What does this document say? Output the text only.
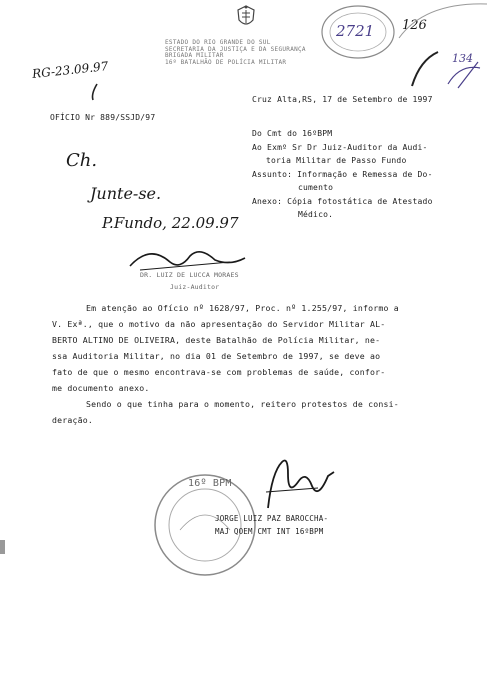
ESTADO DO RIO GRANDE DO SUL
SECRETARIA DA JUSTIÇA E DA SEGURANÇA
BRIGADA MILITAR
16º BATALHÃO DE POLÍCIA MILITAR
2721 126
134
RG-23.09.97
OFÍCIO Nr 889/SSJD/97
Cruz Alta,RS, 17 de Setembro de 1997
Do Cmt do 16ºBPM
Ao Exmº Sr Dr Juiz-Auditor da Audi-
toria Militar de Passo Fundo
Assunto: Informação e Remessa de Do-
cumento
Anexo: Cópia fotostática de Atestado
Médico.
Ch.
Junte-se.
P.Fundo, 22.09.97
DR. LUIZ DE LUCCA MORAES
Juiz-Auditor
Em atenção ao Ofício nº 1628/97, Proc. nº 1.255/97, informo a
V. Exª., que o motivo da não apresentação do Servidor Militar AL-
BERTO ALTINO DE OLIVEIRA, deste Batalhão de Polícia Militar, ne-
ssa Auditoria Militar, no dia 01 de Setembro de 1997, se deve ao
fato de que o mesmo encontrava-se com problemas de saúde, confor-
me documento anexo.
Sendo o que tinha para o momento, reitero protestos de consi-
deração.
16º BPM
JORGE LUIZ PAZ BAROCCHA-
MAJ QOEM CMT INT 16ºBPM
